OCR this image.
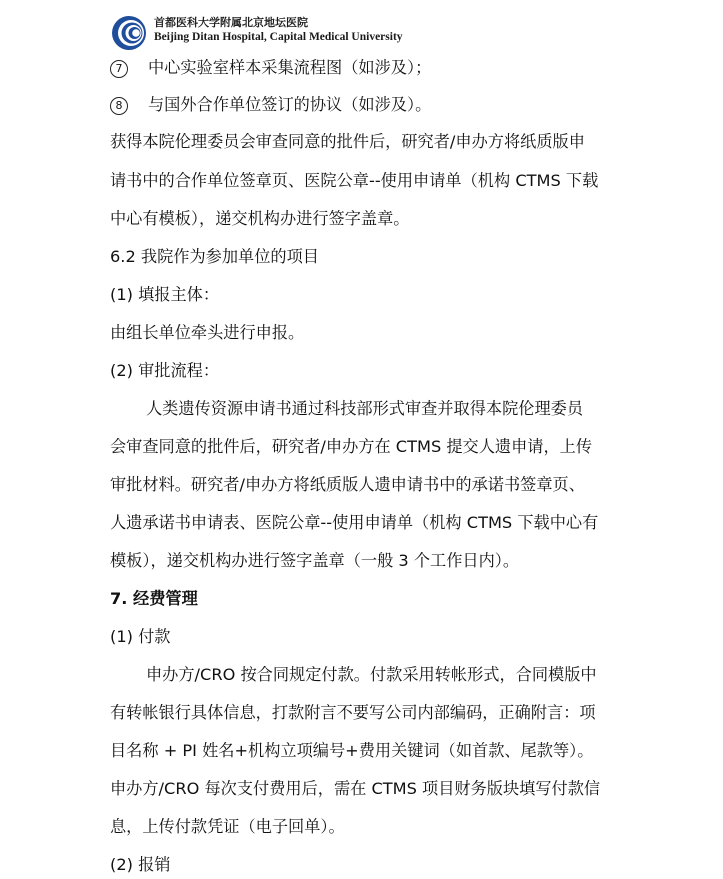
首都医科大学附属北京地坛医院
Beijing Ditan Hospital, Capital Medical University
7 中心实验室样本采集流程图（如涉及）；
8 与国外合作单位签订的协议（如涉及）。
获得本院伦理委员会审查同意的批件后，研究者/申办方将纸质版申
请书中的合作单位签章页、医院公章--使用申请单（机构 CTMS 下载
中心有模板），递交机构办进行签字盖章。
6.2 我院作为参加单位的项目
(1) 填报主体：
由组长单位牵头进行申报。
(2) 审批流程：
人类遗传资源申请书通过科技部形式审查并取得本院伦理委员
会审查同意的批件后，研究者/申办方在 CTMS 提交人遗申请，上传
审批材料。研究者/申办方将纸质版人遗申请书中的承诺书签章页、
人遗承诺书申请表、医院公章--使用申请单（机构 CTMS 下载中心有
模板），递交机构办进行签字盖章（一般 3 个工作日内）。
7. 经费管理
(1) 付款
申办方/CRO 按合同规定付款。付款采用转帐形式，合同模版中
有转帐银行具体信息，打款附言不要写公司内部编码，正确附言：项
目名称 + PI 姓名+机构立项编号+费用关键词（如首款、尾款等）。
申办方/CRO 每次支付费用后，需在 CTMS 项目财务版块填写付款信
息，上传付款凭证（电子回单）。
(2) 报销
